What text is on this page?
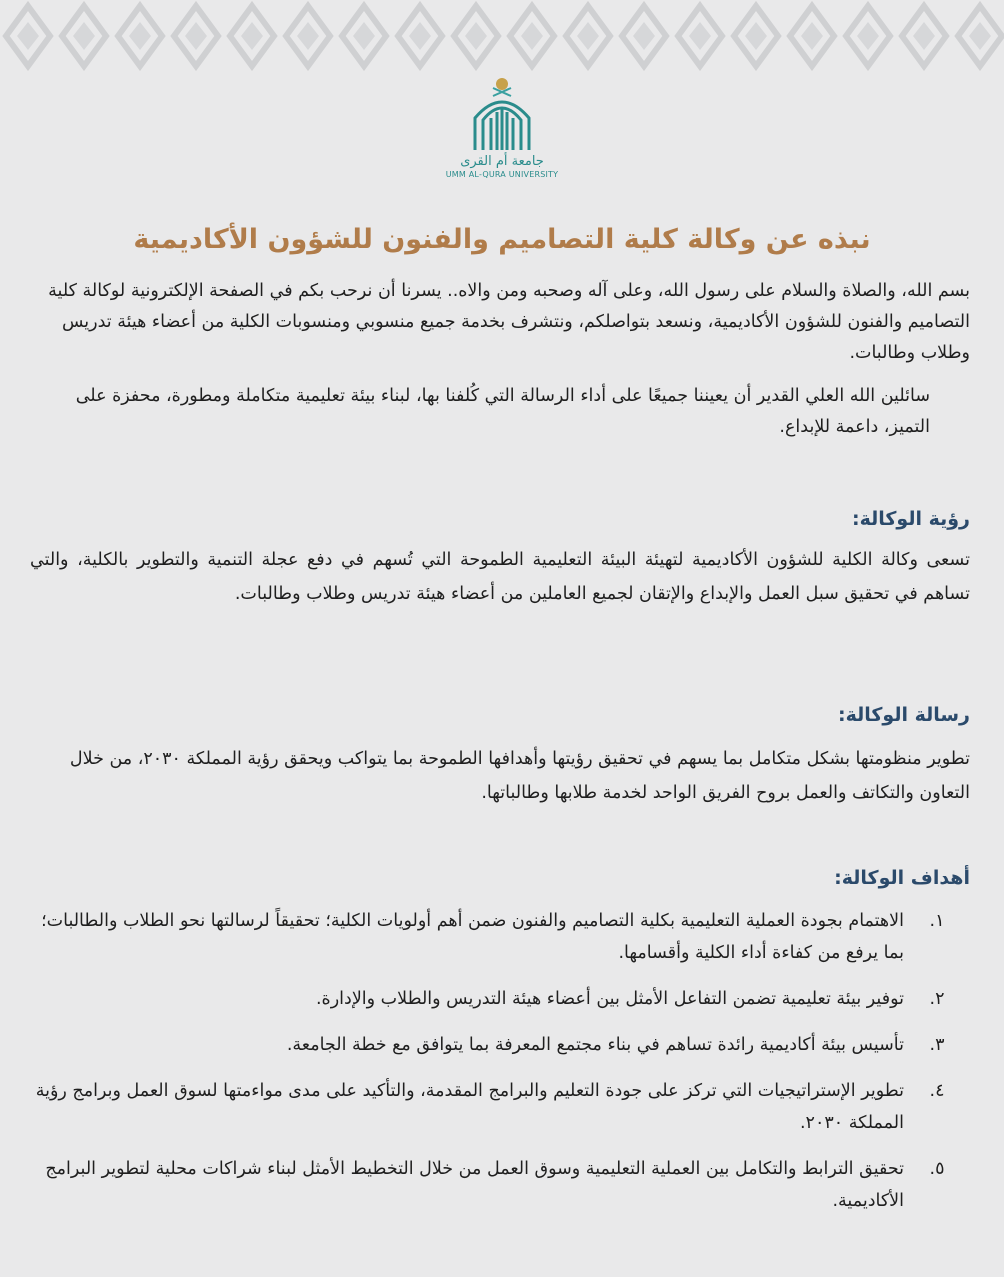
جامعة أم القرى
UMM AL-QURA UNIVERSITY
نبذه عن وكالة كلية التصاميم والفنون للشؤون الأكاديمية
بسم الله، والصلاة والسلام على رسول الله، وعلى آله وصحبه ومن والاه.. يسرنا أن نرحب بكم في الصفحة الإلكترونية لوكالة كلية التصاميم والفنون للشؤون الأكاديمية، ونسعد بتواصلكم، ونتشرف بخدمة جميع منسوبي ومنسوبات الكلية من أعضاء هيئة تدريس وطلاب وطالبات.
سائلين الله العلي القدير أن يعيننا جميعًا على أداء الرسالة التي كُلفنا بها، لبناء بيئة تعليمية متكاملة ومطورة، محفزة على التميز، داعمة للإبداع.
رؤية الوكالة:
تسعى وكالة الكلية للشؤون الأكاديمية لتهيئة البيئة التعليمية الطموحة التي تُسهم في دفع عجلة التنمية والتطوير بالكلية، والتي تساهم في تحقيق سبل العمل والإبداع والإتقان لجميع العاملين من أعضاء هيئة تدريس وطلاب وطالبات.
رسالة الوكالة:
تطوير منظومتها بشكل متكامل بما يسهم في تحقيق رؤيتها وأهدافها الطموحة بما يتواكب ويحقق رؤية المملكة ٢٠٣٠، من خلال التعاون والتكاتف والعمل بروح الفريق الواحد لخدمة طلابها وطالباتها.
أهداف الوكالة:
١.
الاهتمام بجودة العملية التعليمية بكلية التصاميم والفنون ضمن أهم أولويات الكلية؛ تحقيقاً لرسالتها نحو الطلاب والطالبات؛ بما يرفع من كفاءة أداء الكلية وأقسامها.
٢.
توفير بيئة تعليمية تضمن التفاعل الأمثل بين أعضاء هيئة التدريس والطلاب والإدارة.
٣.
تأسيس بيئة أكاديمية رائدة تساهم في بناء مجتمع المعرفة بما يتوافق مع خطة الجامعة.
٤.
تطوير الإستراتيجيات التي تركز على جودة التعليم والبرامج المقدمة، والتأكيد على مدى مواءمتها لسوق العمل وبرامج رؤية المملكة ٢٠٣٠.
٥.
تحقيق الترابط والتكامل بين العملية التعليمية وسوق العمل من خلال التخطيط الأمثل لبناء شراكات محلية لتطوير البرامج الأكاديمية.
